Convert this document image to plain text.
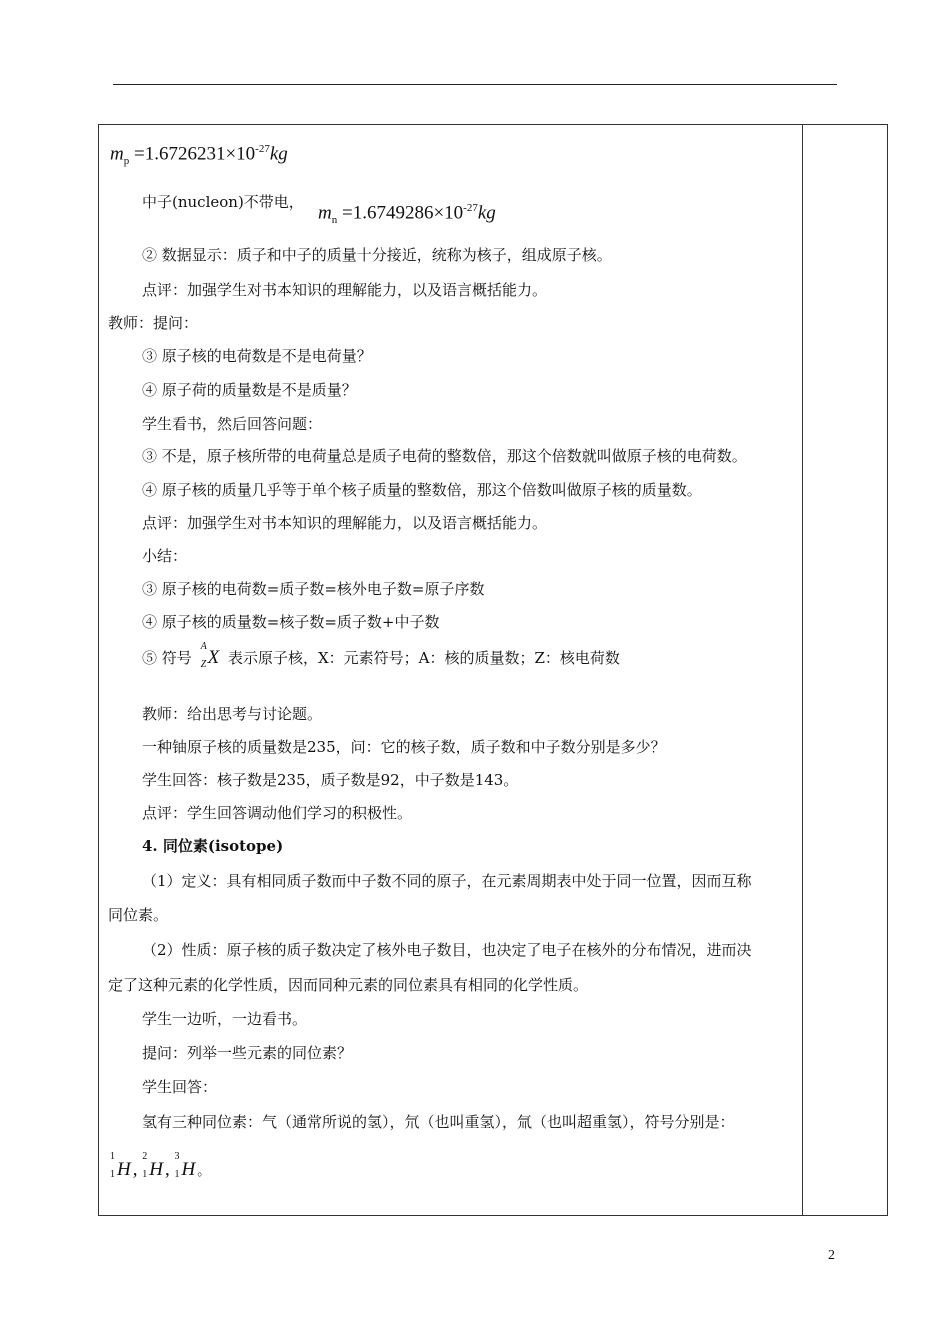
$m_p =1.6726231\times 10^{-27}kg$
中子(nucleon)不带电，
$m_n =1.6749286\times 10^{-27}kg$
② 数据显示：质子和中子的质量十分接近，统称为核子，组成原子核。
点评：加强学生对书本知识的理解能力，以及语言概括能力。
教师：提问：
③ 原子核的电荷数是不是电荷量？
④ 原子荷的质量数是不是质量？
学生看书，然后回答问题：
③ 不是，原子核所带的电荷量总是质子电荷的整数倍，那这个倍数就叫做原子核的电荷数。
④ 原子核的质量几乎等于单个核子质量的整数倍，那这个倍数叫做原子核的质量数。
点评：加强学生对书本知识的理解能力，以及语言概括能力。
小结：
③ 原子核的电荷数=质子数=核外电子数=原子序数
④ 原子核的质量数=核子数=质子数+中子数
⑤ 符号
A
Z X 表示原子核，X：元素符号；A：核的质量数；Z：核电荷数
教师：给出思考与讨论题。
一种铀原子核的质量数是235，问：它的核子数，质子数和中子数分别是多少？
学生回答：核子数是235，质子数是92，中子数是143。
点评：学生回答调动他们学习的积极性。
4. 同位素(isotope)
（1）定义：具有相同质子数而中子数不同的原子，在元素周期表中处于同一位置，因而互称
同位素。
（2）性质：原子核的质子数决定了核外电子数目，也决定了电子在核外的分布情况，进而决
定了这种元素的化学性质，因而同种元素的同位素具有相同的化学性质。
学生一边听，一边看书。
提问：列举一些元素的同位素？
学生回答：
氢有三种同位素：气（通常所说的氢），氘（也叫重氢），氚（也叫超重氢），符号分别是：
1
1 H ,
2
1 H ,
3
1 H 。
2
